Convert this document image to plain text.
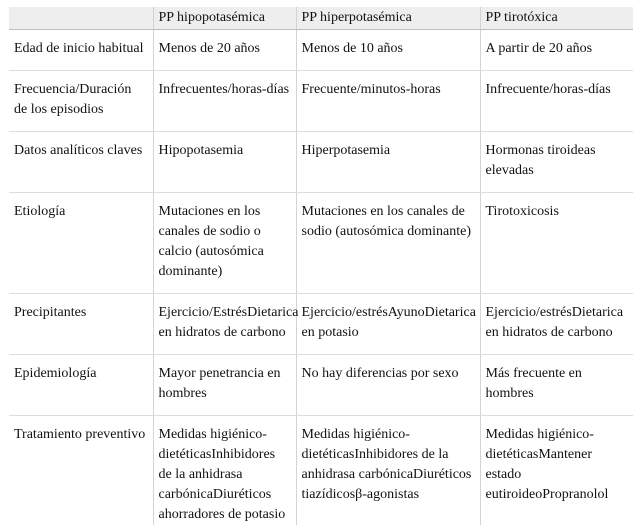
	PP hipopotasémica	PP hiperpotasémica	PP tirotóxica
Edad de inicio habitual	Menos de 20 años	Menos de 10 años	A partir de 20 años
Frecuencia/Duración de los episodios	Infrecuentes/horas-días	Frecuente/minutos-horas	Infrecuente/horas-días
Datos analíticos claves	Hipopotasemia	Hiperpotasemia	Hormonas tiroideas elevadas
Etiología	Mutaciones en los canales de sodio o calcio (autosómica dominante)	Mutaciones en los canales de sodio (autosómica dominante)	Tirotoxicosis
Precipitantes	Ejercicio/EstrésDietarica en hidratos de carbono	Ejercicio/estrésAyunoDietarica en potasio	Ejercicio/estrésDietarica en hidratos de carbono
Epidemiología	Mayor penetrancia en hombres	No hay diferencias por sexo	Más frecuente en hombres
Tratamiento preventivo	Medidas higiénico-dietéticasInhibidores de la anhidrasa carbónicaDiuréticos ahorradores de potasio	Medidas higiénico-dietéticasInhibidores de la anhidrasa carbónicaDiuréticos tiazídicosβ-agonistas	Medidas higiénico-dietéticasMantener estado eutiroideoPropranolol
